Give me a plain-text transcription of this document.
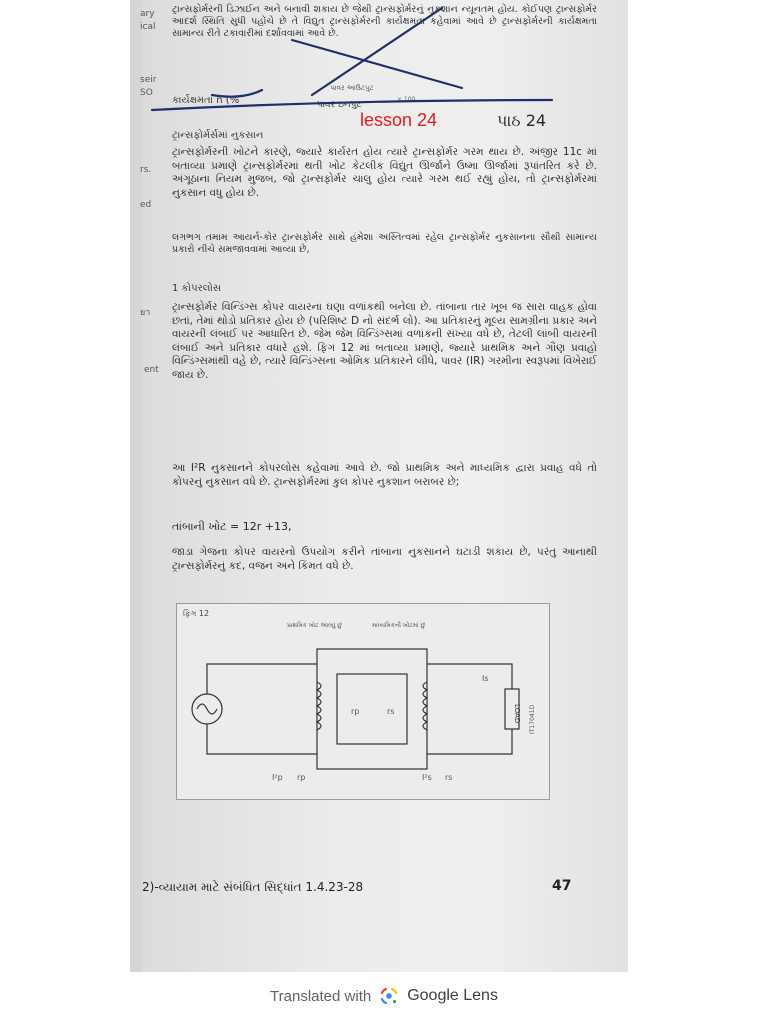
ary
ical
seir
SO
rs.
ed
ยา
ent
ટ્રાન્સફોર્મરની ડિઝાઈન અને બનાવી શકાય છે જેથી ટ્રાન્સફોર્મરનું નુકશાન ન્યૂનતમ હોય. કોઈપણ ટ્રાન્સફોર્મર આદર્શ સ્થિતિ સુધી પહોંચે છે તે વિદ્યુત ટ્રાન્સફોર્મરની કાર્યક્ષમતા કહેવામાં આવે છે ટ્રાન્સફોર્મરની કાર્યક્ષમતા સામાન્ય રીતે ટકાવારીમાં દર્શાવવામાં આવે છે.
કાર્યક્ષમતા n (%
પાવર આઉટપુટ
પાવર ઇનપુટ
× 100
lesson 24	પાઠ 24
ટ્રાન્સફોર્મર્સમાં નુકસાન
ટ્રાન્સફોર્મરની ખોટને કારણે, જ્યારે કાર્યરત હોય ત્યારે ટ્રાન્સફોર્મર ગરમ થાય છે. અંજીર 11c માં બતાવ્યા પ્રમાણે ટ્રાન્સફોર્મરમાં થતી ખોટ કેટલીક વિદ્યુત ઊર્જાને ઉષ્મા ઊર્જામાં રૂપાંતરિત કરે છે. અંગૂઠાના નિયમ મુજબ, જો ટ્રાન્સફોર્મર ચાલુ હોય ત્યારે ગરમ થઈ રહ્યું હોય, તો ટ્રાન્સફોર્મરમાં નુકસાન વધુ હોય છે.
લગભગ તમામ આયર્ન-કોર ટ્રાન્સફોર્મર સાથે હંમેશા અસ્તિત્વમાં રહેલ ટ્રાન્સફોર્મર નુકસાનના સૌથી સામાન્ય પ્રકારો નીચે સમજાવવામાં આવ્યા છે,
1 કોપરલોસ
ટ્રાન્સફોર્મર વિન્ડિંગ્સ કોપર વાયરના ઘણા વળાંકથી બનેલા છે. તાંબાના તાર ખૂબ જ સારા વાહક હોવા છતાં, તેમાં થોડો પ્રતિકાર હોય છે (પરિશિષ્ટ D નો સંદર્ભ લો). આ પ્રતિકારનું મૂલ્ય સામગ્રીના પ્રકાર અને વાયરની લંબાઈ પર આધારિત છે. જેમ જેમ વિન્ડિંગ્સમાં વળાંકની સંખ્યા વધે છે, તેટલી લાંબી વાયરની લંબાઈ અને પ્રતિકાર વધારે હશે. ફિગ 12 માં બતાવ્યા પ્રમાણે, જ્યારે પ્રાથમિક અને ગૌણ પ્રવાહો વિન્ડિંગ્સમાંથી વહે છે, ત્યારે વિન્ડિંગ્સના ઓમિક પ્રતિકારને લીધે, પાવર (IR) ગરમીના સ્વરૂપમાં વિખેરાઈ જાય છે.
આ I²R નુકસાનને કોપરલોસ કહેવામાં આવે છે. જો પ્રાથમિક અને માધ્યમિક દ્વારા પ્રવાહ વધે તો કોપરનું નુકસાન વધે છે. ટ્રાન્સફોર્મરમાં કુલ કોપર નુકશાન બરાબર છે;
તાંબાની ખોટ = 12r +13,
જાડા ગેજના કોપર વાયરનો ઉપયોગ કરીને તાંબાના નુકસાનને ઘટાડી શકાય છે, પરંતુ આનાથી ટ્રાન્સફોર્મરનું કદ, વજન અને કિંમત વધે છે.
ફિગ 12
પ્રાથમિક ખોટ આવ્યું છું	માધ્યમિકની ખોટમાં છું
rp	rs
I²p rp	I²s rs
Is
LOAD IT17041D
2)-વ્યાયામ માટે સંબંધિત સિદ્ધાંત 1.4.23-28	47
Translated with Google Lens
